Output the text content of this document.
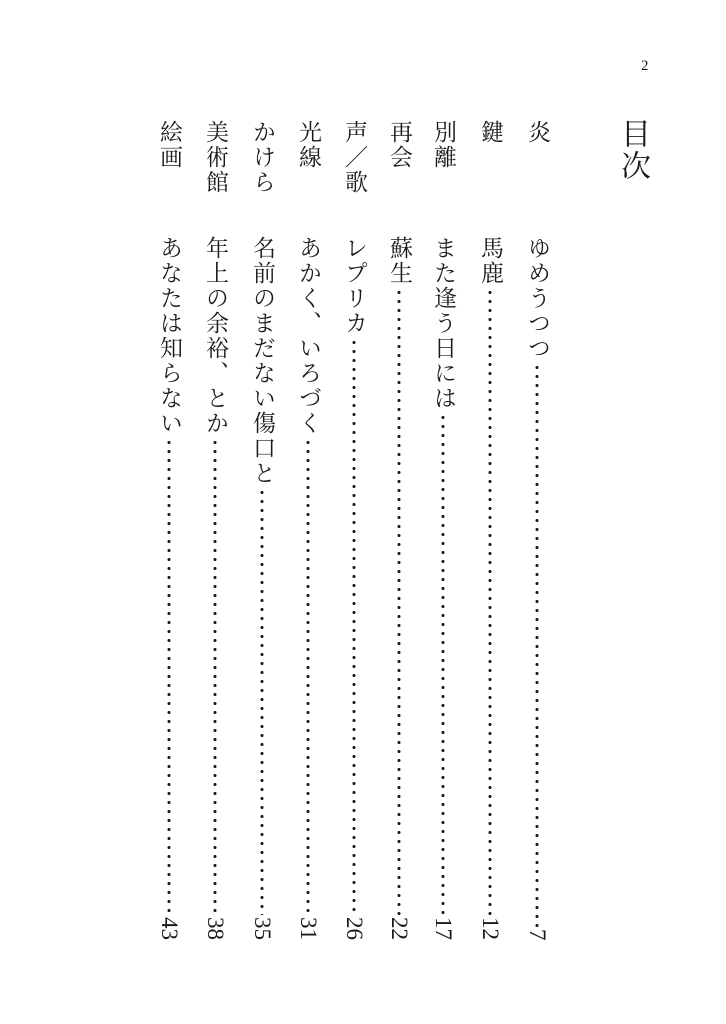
2
目次
炎
ゆめうつつ
7
鍵
馬鹿
12
別離
また逢う日には
17
再会
蘇生
22
声／歌
レプリカ
26
光線
あかく、いろづく
31
かけら
名前のまだない傷口と
35
美術館
年上の余裕、とか
38
絵画
あなたは知らない
43
